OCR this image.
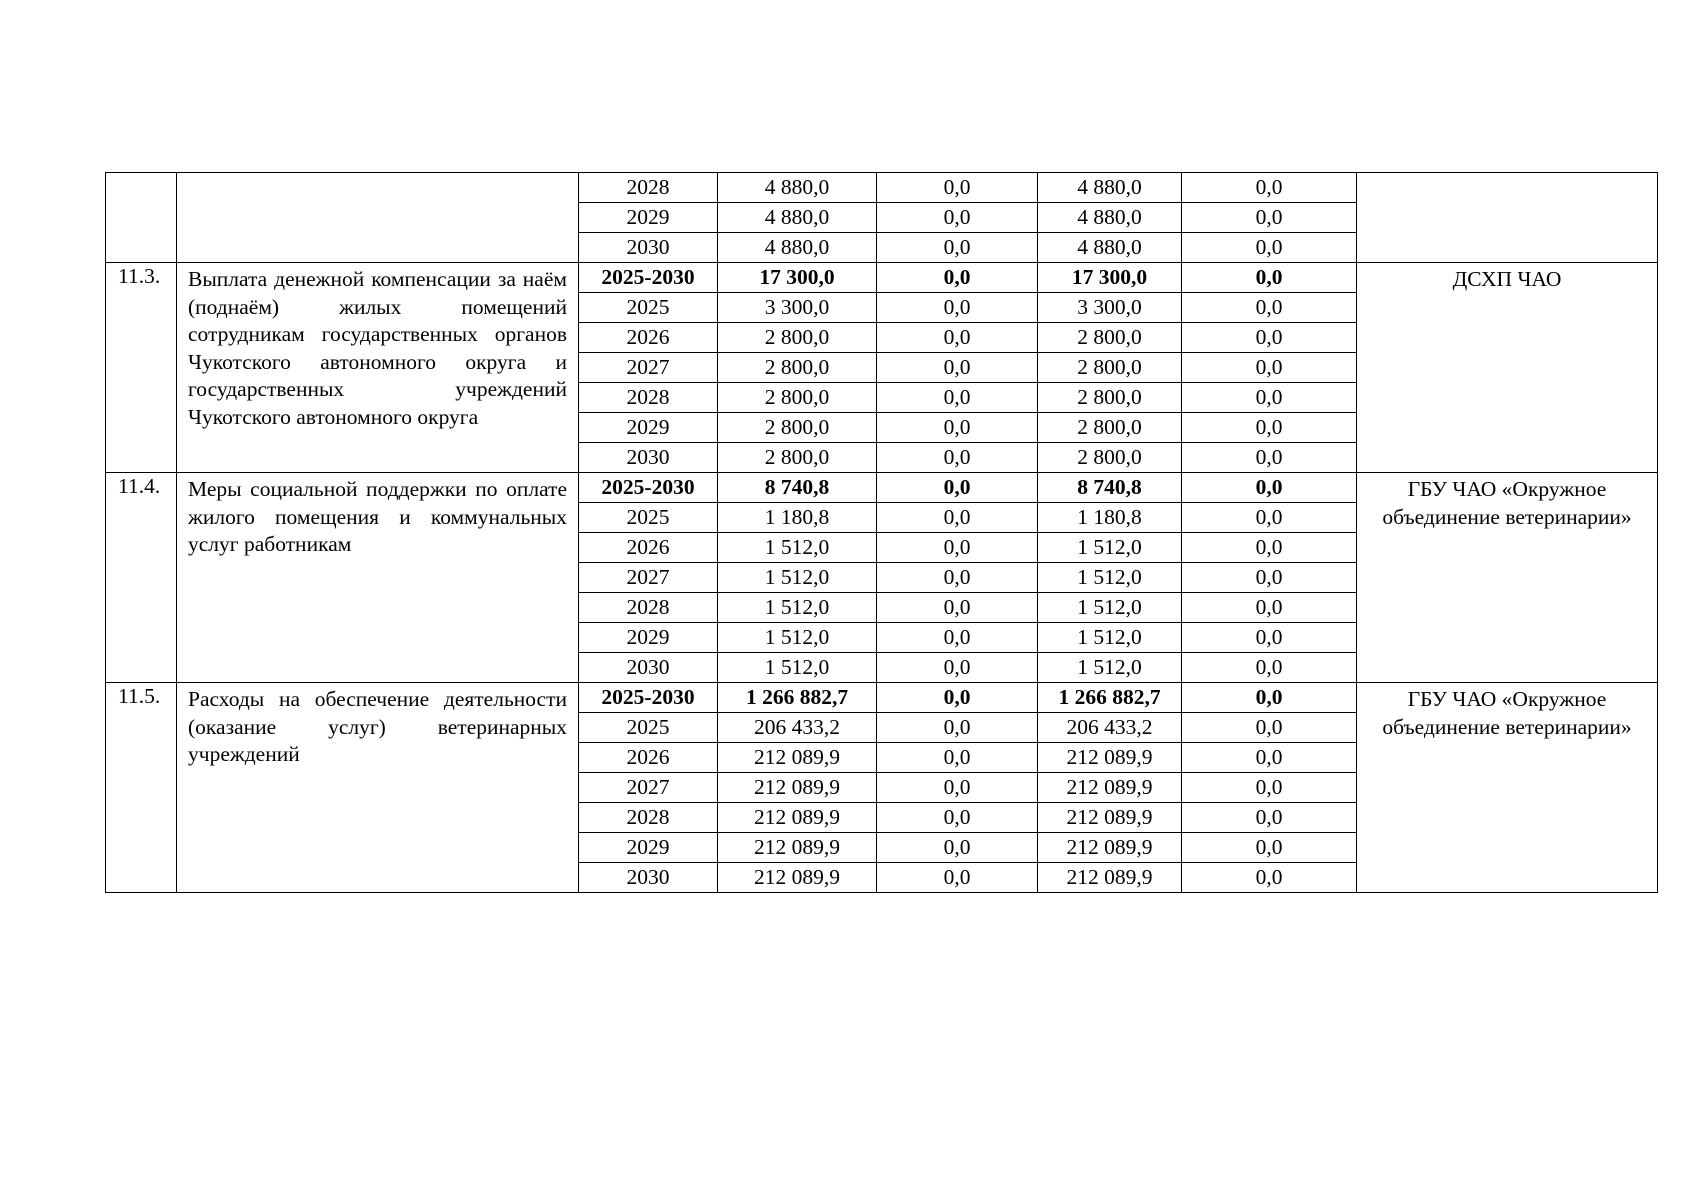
		2028	4 880,0	0,0	4 880,0	0,0	
		2029	4 880,0	0,0	4 880,0	0,0	
		2030	4 880,0	0,0	4 880,0	0,0	
11.3.	Выплата денежной компенсации за наём (поднаём) жилых помещений сотрудникам государственных органов Чукотского автономного округа и государственных учреждений Чукотского автономного округа	2025-2030	17 300,0	0,0	17 300,0	0,0	ДСХП ЧАО
		2025	3 300,0	0,0	3 300,0	0,0	
		2026	2 800,0	0,0	2 800,0	0,0	
		2027	2 800,0	0,0	2 800,0	0,0	
		2028	2 800,0	0,0	2 800,0	0,0	
		2029	2 800,0	0,0	2 800,0	0,0	
		2030	2 800,0	0,0	2 800,0	0,0	
11.4.	Меры социальной поддержки по оплате жилого помещения и коммунальных услуг работникам	2025-2030	8 740,8	0,0	8 740,8	0,0	ГБУ ЧАО «Окружное объединение ветеринарии»
		2025	1 180,8	0,0	1 180,8	0,0	
		2026	1 512,0	0,0	1 512,0	0,0	
		2027	1 512,0	0,0	1 512,0	0,0	
		2028	1 512,0	0,0	1 512,0	0,0	
		2029	1 512,0	0,0	1 512,0	0,0	
		2030	1 512,0	0,0	1 512,0	0,0	
11.5.	Расходы на обеспечение деятельности (оказание услуг) ветеринарных учреждений	2025-2030	1 266 882,7	0,0	1 266 882,7	0,0	ГБУ ЧАО «Окружное объединение ветеринарии»
		2025	206 433,2	0,0	206 433,2	0,0	
		2026	212 089,9	0,0	212 089,9	0,0	
		2027	212 089,9	0,0	212 089,9	0,0	
		2028	212 089,9	0,0	212 089,9	0,0	
		2029	212 089,9	0,0	212 089,9	0,0	
		2030	212 089,9	0,0	212 089,9	0,0	
